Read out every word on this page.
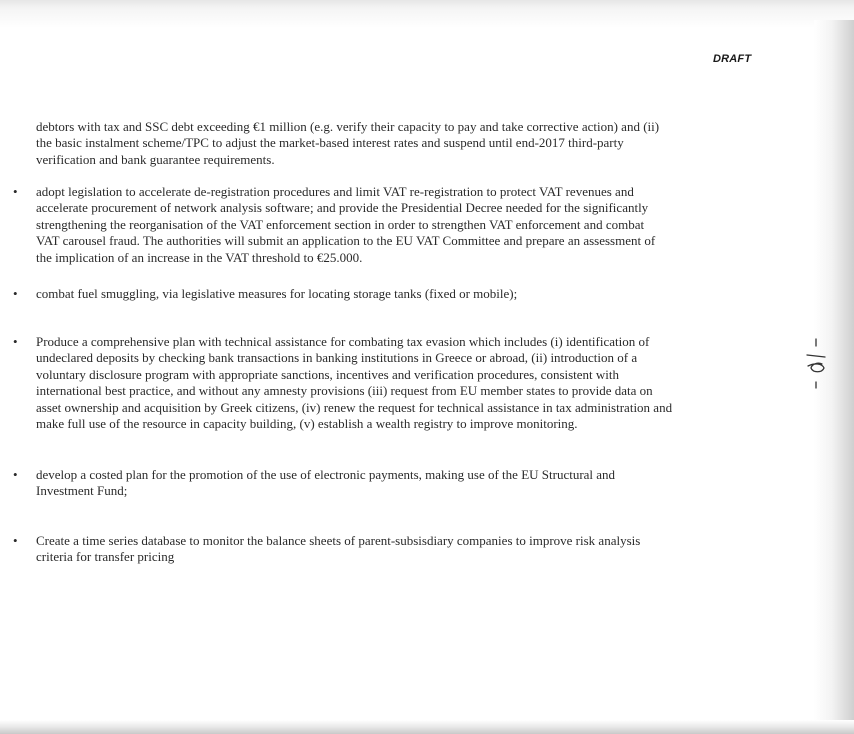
DRAFT
debtors with tax and SSC debt exceeding €1 million (e.g. verify their capacity to pay and take corrective action) and (ii)
the basic instalment scheme/TPC to adjust the market-based interest rates and suspend until end-2017 third-party
verification and bank guarantee requirements.
• adopt legislation to accelerate de-registration procedures and limit VAT re-registration to protect VAT revenues and
accelerate procurement of network analysis software; and provide the Presidential Decree needed for the significantly
strengthening the reorganisation of the VAT enforcement section in order to strengthen VAT enforcement and combat
VAT carousel fraud. The authorities will submit an application to the EU VAT Committee and prepare an assessment of
the implication of an increase in the VAT threshold to €25.000.
• combat fuel smuggling, via legislative measures for locating storage tanks (fixed or mobile);
• Produce a comprehensive plan with technical assistance for combating tax evasion which includes (i) identification of
undeclared deposits by checking bank transactions in banking institutions in Greece or abroad, (ii) introduction of a
voluntary disclosure program with appropriate sanctions, incentives and verification procedures, consistent with
international best practice, and without any amnesty provisions (iii) request from EU member states to provide data on
asset ownership and acquisition by Greek citizens, (iv) renew the request for technical assistance in tax administration and
make full use of the resource in capacity building, (v) establish a wealth registry to improve monitoring.
• develop a costed plan for the promotion of the use of electronic payments, making use of the EU Structural and
Investment Fund;
• Create a time series database to monitor the balance sheets of parent-subsisdiary companies to improve risk analysis
criteria for transfer pricing
